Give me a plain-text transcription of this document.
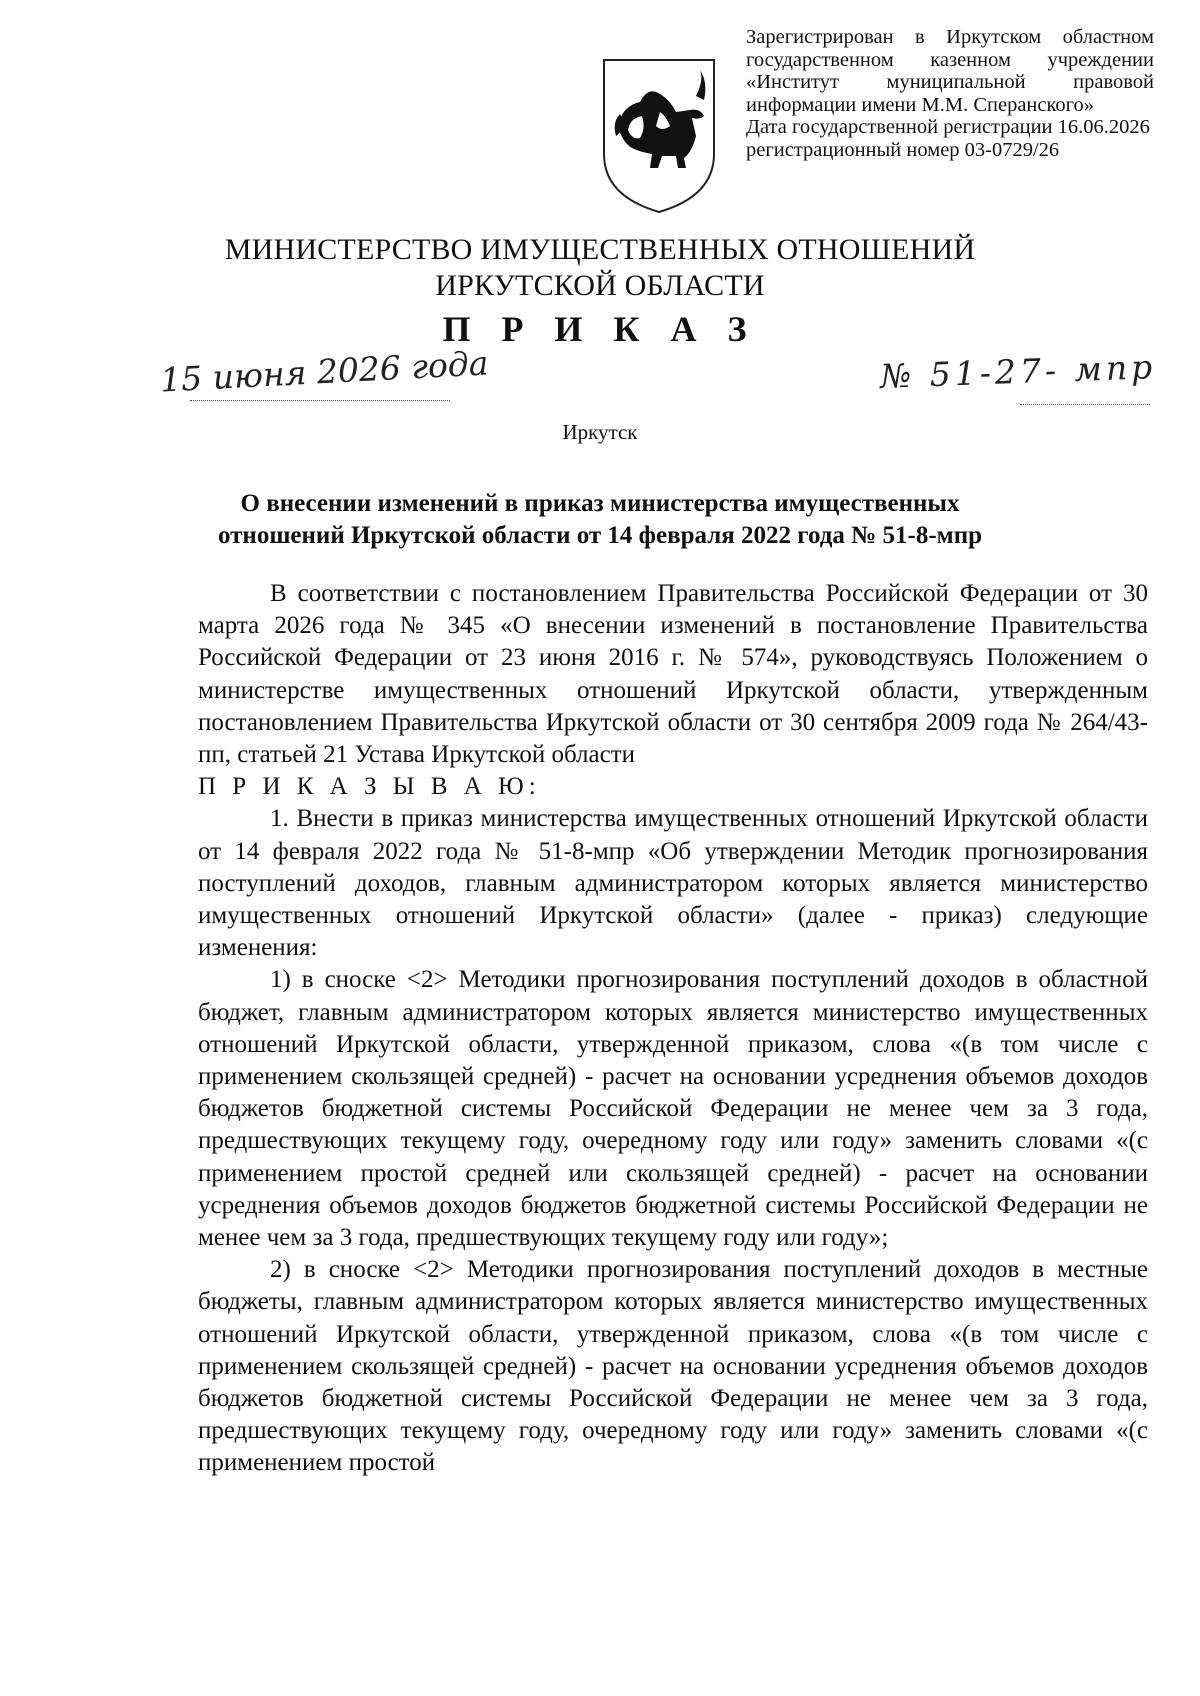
Зарегистрирован в Иркутском областном
государственном казенном учреждении
«Институт муниципальной правовой
информации имени М.М. Сперанского»
Дата государственной регистрации 16.06.2026
регистрационный номер 03-0729/26
МИНИСТЕРСТВО ИМУЩЕСТВЕННЫХ ОТНОШЕНИЙ
ИРКУТСКОЙ ОБЛАСТИ
П Р И К А З
15 июня 2026 года	№ 51-27- мпр
Иркутск
О внесении изменений в приказ министерства имущественных
отношений Иркутской области от 14 февраля 2022 года № 51-8-мпр

В соответствии с постановлением Правительства Российской Федерации от 30 марта 2026 года № 345 «О внесении изменений в постановление Правительства Российской Федерации от 23 июня 2016 г. № 574», руководствуясь Положением о министерстве имущественных отношений Иркутской области, утвержденным постановлением Правительства Иркутской области от 30 сентября 2009 года № 264/43-пп, статьей 21 Устава Иркутской области

П Р И К А З Ы В А Ю:

1. Внести в приказ министерства имущественных отношений Иркутской области от 14 февраля 2022 года № 51-8-мпр «Об утверждении Методик прогнозирования поступлений доходов, главным администратором которых является министерство имущественных отношений Иркутской области» (далее - приказ) следующие изменения:

1) в сноске <2> Методики прогнозирования поступлений доходов в областной бюджет, главным администратором которых является министерство имущественных отношений Иркутской области, утвержденной приказом, слова «(в том числе с применением скользящей средней) - расчет на основании усреднения объемов доходов бюджетов бюджетной системы Российской Федерации не менее чем за 3 года, предшествующих текущему году, очередному году или году» заменить словами «(с применением простой средней или скользящей средней) - расчет на основании усреднения объемов доходов бюджетов бюджетной системы Российской Федерации не менее чем за 3 года, предшествующих текущему году или году»;

2) в сноске <2> Методики прогнозирования поступлений доходов в местные бюджеты, главным администратором которых является министерство имущественных отношений Иркутской области, утвержденной приказом, слова «(в том числе с применением скользящей средней) - расчет на основании усреднения объемов доходов бюджетов бюджетной системы Российской Федерации не менее чем за 3 года, предшествующих текущему году, очередному году или году» заменить словами «(с применением простой
